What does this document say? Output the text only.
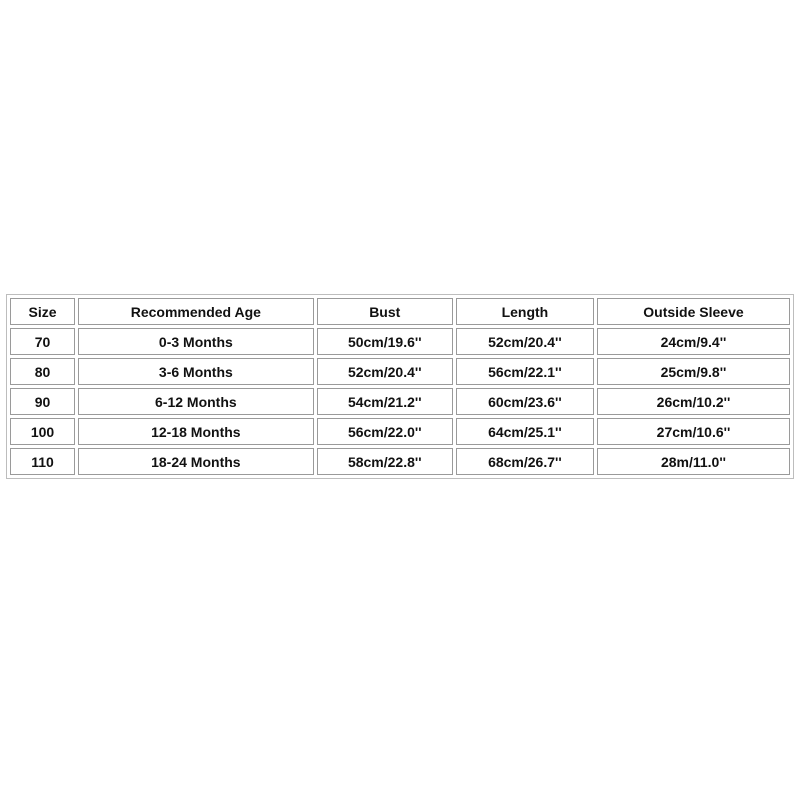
Size	Recommended Age	Bust	Length	Outside Sleeve
70	0-3 Months	50cm/19.6''	52cm/20.4''	24cm/9.4''
80	3-6 Months	52cm/20.4''	56cm/22.1''	25cm/9.8''
90	6-12 Months	54cm/21.2''	60cm/23.6''	26cm/10.2''
100	12-18 Months	56cm/22.0''	64cm/25.1''	27cm/10.6''
110	18-24 Months	58cm/22.8''	68cm/26.7''	28m/11.0''
